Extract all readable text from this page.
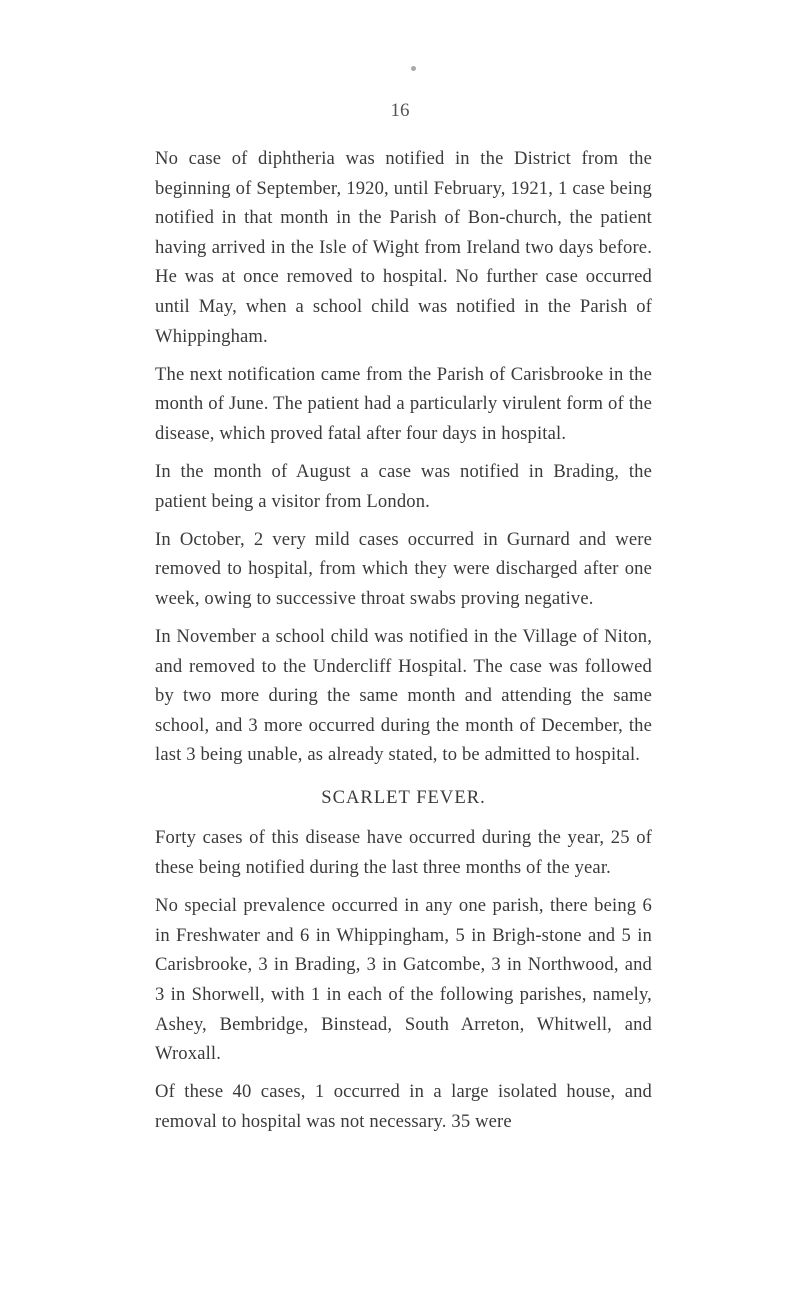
16

No case of diphtheria was notified in the District from the beginning of September, 1920, until February, 1921, 1 case being notified in that month in the Parish of Bon-church, the patient having arrived in the Isle of Wight from Ireland two days before. He was at once removed to hospital. No further case occurred until May, when a school child was notified in the Parish of Whippingham.

The next notification came from the Parish of Carisbrooke in the month of June. The patient had a particularly virulent form of the disease, which proved fatal after four days in hospital.

In the month of August a case was notified in Brading, the patient being a visitor from London.

In October, 2 very mild cases occurred in Gurnard and were removed to hospital, from which they were discharged after one week, owing to successive throat swabs proving negative.

In November a school child was notified in the Village of Niton, and removed to the Undercliff Hospital. The case was followed by two more during the same month and attending the same school, and 3 more occurred during the month of December, the last 3 being unable, as already stated, to be admitted to hospital.

SCARLET FEVER.

Forty cases of this disease have occurred during the year, 25 of these being notified during the last three months of the year.

No special prevalence occurred in any one parish, there being 6 in Freshwater and 6 in Whippingham, 5 in Brigh-stone and 5 in Carisbrooke, 3 in Brading, 3 in Gatcombe, 3 in Northwood, and 3 in Shorwell, with 1 in each of the following parishes, namely, Ashey, Bembridge, Binstead, South Arreton, Whitwell, and Wroxall.

Of these 40 cases, 1 occurred in a large isolated house, and removal to hospital was not necessary. 35 were
